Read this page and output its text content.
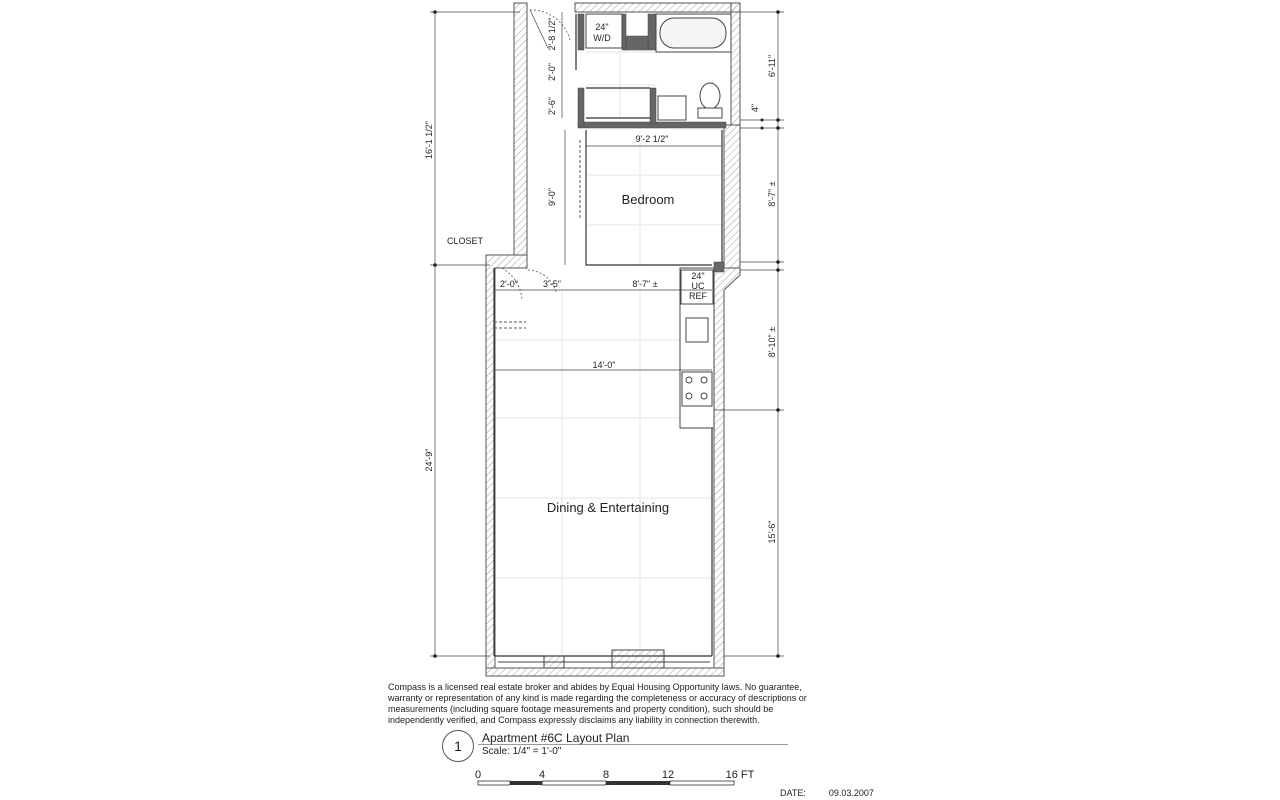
Bedroom
Dining & Entertaining
CLOSET
24"
W/D
24"
UC
REF
16'-1 1/2"
24'-9"
6'-11"
4"
8'-7" ±
8'-10" ±
15'-6"
2'-8 1/2"
2'-0"
2'-6"
9'-2 1/2"
9'-0"
2'-0"	3'-5"	8'-7" ±
14'-0"
0	4	8	12	16 FT
Compass is a licensed real estate broker and abides by Equal Housing Opportunity laws. No guarantee, warranty or representation of any kind is made regarding the completeness or accuracy of descriptions or measurements (including square footage measurements and property condition), such should be independently verified, and Compass expressly disclaims any liability in connection therewith.
1	Apartment #6C Layout Plan
Scale: 1/4" = 1'-0"
DATE:	09.03.2007
